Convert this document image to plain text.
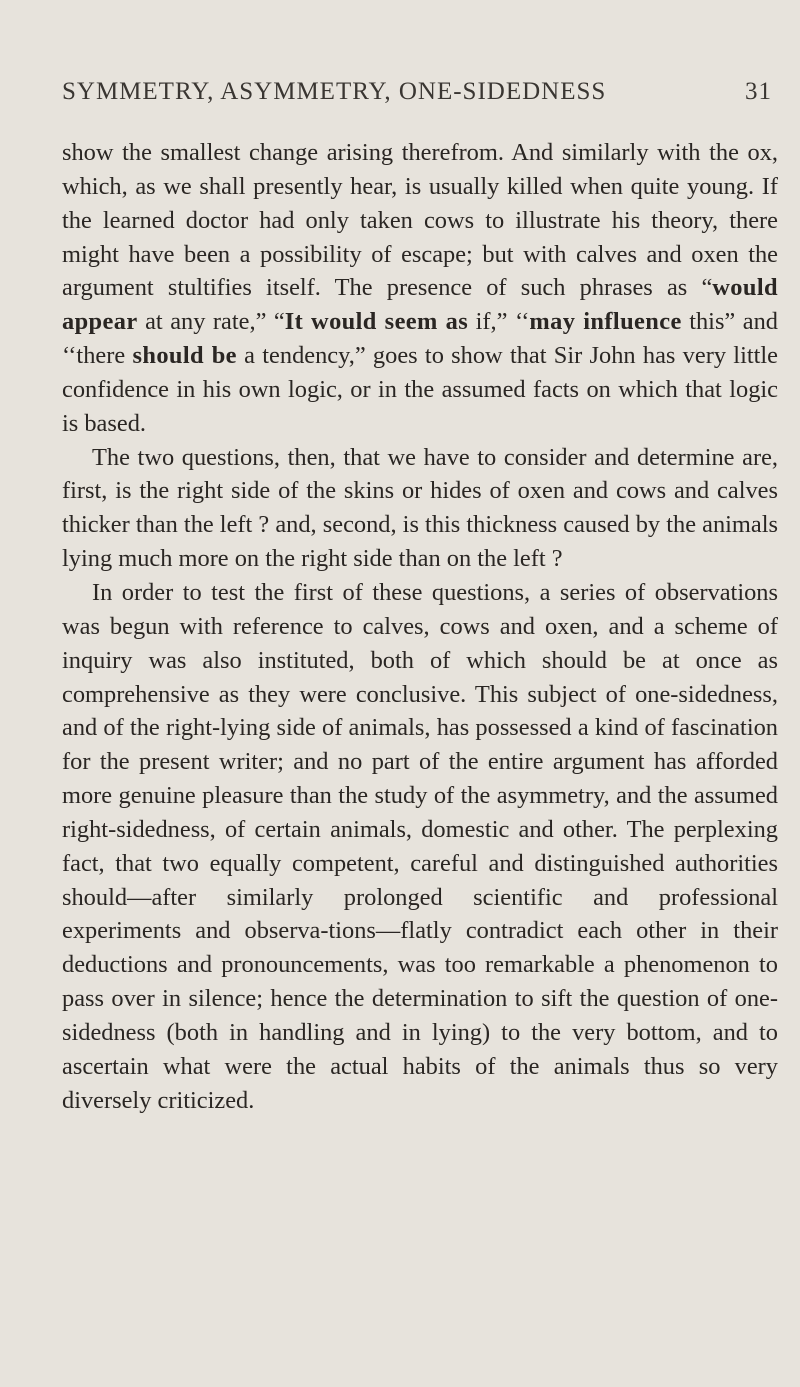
SYMMETRY, ASYMMETRY, ONE-SIDEDNESS	31

show the smallest change arising therefrom. And similarly with the ox, which, as we shall presently hear, is usually killed when quite young. If the learned doctor had only taken cows to illustrate his theory, there might have been a possibility of escape; but with calves and oxen the argument stultifies itself. The presence of such phrases as “would appear at any rate,” “It would seem as if,” ‘‘may influence this” and ‘‘there should be a tendency,” goes to show that Sir John has very little confidence in his own logic, or in the assumed facts on which that logic is based.

The two questions, then, that we have to consider and determine are, first, is the right side of the skins or hides of oxen and cows and calves thicker than the left ? and, second, is this thickness caused by the animals lying much more on the right side than on the left ?

In order to test the first of these questions, a series of observations was begun with reference to calves, cows and oxen, and a scheme of inquiry was also instituted, both of which should be at once as comprehensive as they were conclusive. This subject of one-sidedness, and of the right-lying side of animals, has possessed a kind of fascination for the present writer; and no part of the entire argument has afforded more genuine pleasure than the study of the asymmetry, and the assumed right-sidedness, of certain animals, domestic and other. The perplexing fact, that two equally competent, careful and distinguished authorities should—after similarly prolonged scientific and professional experiments and observa-tions—flatly contradict each other in their deductions and pronouncements, was too remarkable a phenomenon to pass over in silence; hence the determination to sift the question of one-sidedness (both in handling and in lying) to the very bottom, and to ascertain what were the actual habits of the animals thus so very diversely criticized.
